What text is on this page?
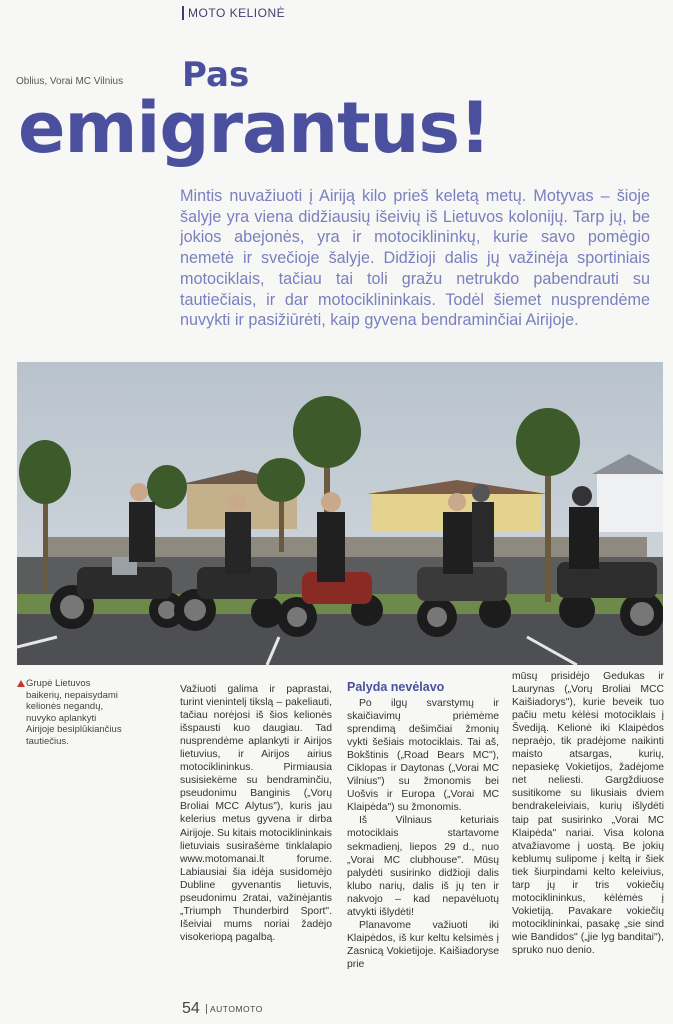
MOTO KELIONĖ
Oblius, Vorai MC Vilnius Pas
emigrantus!

Mintis nuvažiuoti į Airiją kilo prieš keletą metų. Motyvas – šioje šalyje yra viena didžiausių išeivių iš Lietuvos kolonijų. Tarp jų, be jokios abejonės, yra ir motociklininkų, kurie savo pomėgio nemetė ir svečioje šalyje. Didžioji dalis jų važinėja sportiniais motociklais, tačiau tai toli gražu netrukdo pabendrauti su tautiečiais, ir dar motociklininkais. Todėl šiemet nusprendėme nuvykti ir pasižiūrėti, kaip gyvena bendraminčiai Airijoje.

Grupė Lietuvos baikerių, nepaisydami kelionės negandų, nuvyko aplankyti Airijoje besiplūkiančius tautiečius.

Važiuoti galima ir paprastai, turint vienintelį tikslą – pakeliauti, tačiau norėjosi iš šios kelionės išspausti kuo daugiau. Tad nusprendėme aplankyti ir Airijos lietuvius, ir Airijos airius motociklininkus. Pirmiausia susisiekėme su bendraminčiu, pseudonimu Banginis („Vorų Broliai MCC Alytus"), kuris jau kelerius metus gyvena ir dirba Airijoje. Su kitais motociklininkais lietuviais susirašėme tinklalapio www.motomanai.lt forume. Labiausiai šia idėja susidomėjo Dubline gyvenantis lietuvis, pseudonimu 2ratai, važinėjantis „Triumph Thunderbird Sport". Išeiviai mums noriai žadėjo visokeriopą pagalbą.

Palyda nevėlavo

Po ilgų svarstymų ir skaičiavimų priėmėme sprendimą dešimčiai žmonių vykti šešiais motociklais. Tai aš, Bokštinis („Road Bears MC"), Ciklopas ir Daytonas („Vorai MC Vilnius") su žmonomis bei Uošvis ir Europa („Vorai MC Klaipėda") su žmonomis.

Iš Vilniaus keturiais motociklais startavome sekmadienį, liepos 29 d., nuo „Vorai MC clubhouse". Mūsų palydėti susirinko didžioji dalis klubo narių, dalis iš jų ten ir nakvojo – kad nepavėluotų atvykti išlydėti!

Planavome važiuoti iki Klaipėdos, iš kur keltu kelsimės į Zasnicą Vokietijoje. Kaišiadoryse prie

mūsų prisidėjo Gedukas ir Laurynas („Vorų Broliai MCC Kaišiadorys"), kurie beveik tuo pačiu metu kėlėsi motociklais į Švediją. Kelionė iki Klaipėdos nepraėjo, tik pradėjome naikinti maisto atsargas, kurių, nepasiekę Vokietijos, žadėjome net neliesti. Gargždiuose susitikome su likusiais dviem bendrakeleiviais, kurių išlydėti taip pat susirinko „Vorai MC Klaipėda" nariai. Visa kolona atvažiavome į uostą. Be jokių keblumų sulipome į keltą ir šiek tiek šiurpindami kelto keleivius, tarp jų ir tris vokiečių motociklininkus, kėlėmės į Vokietiją. Pavakare vokiečių motociklininkai, pasakę „sie sind wie Bandidos" („jie lyg banditai"), spruko nuo denio.

54	AUTOMOTO
